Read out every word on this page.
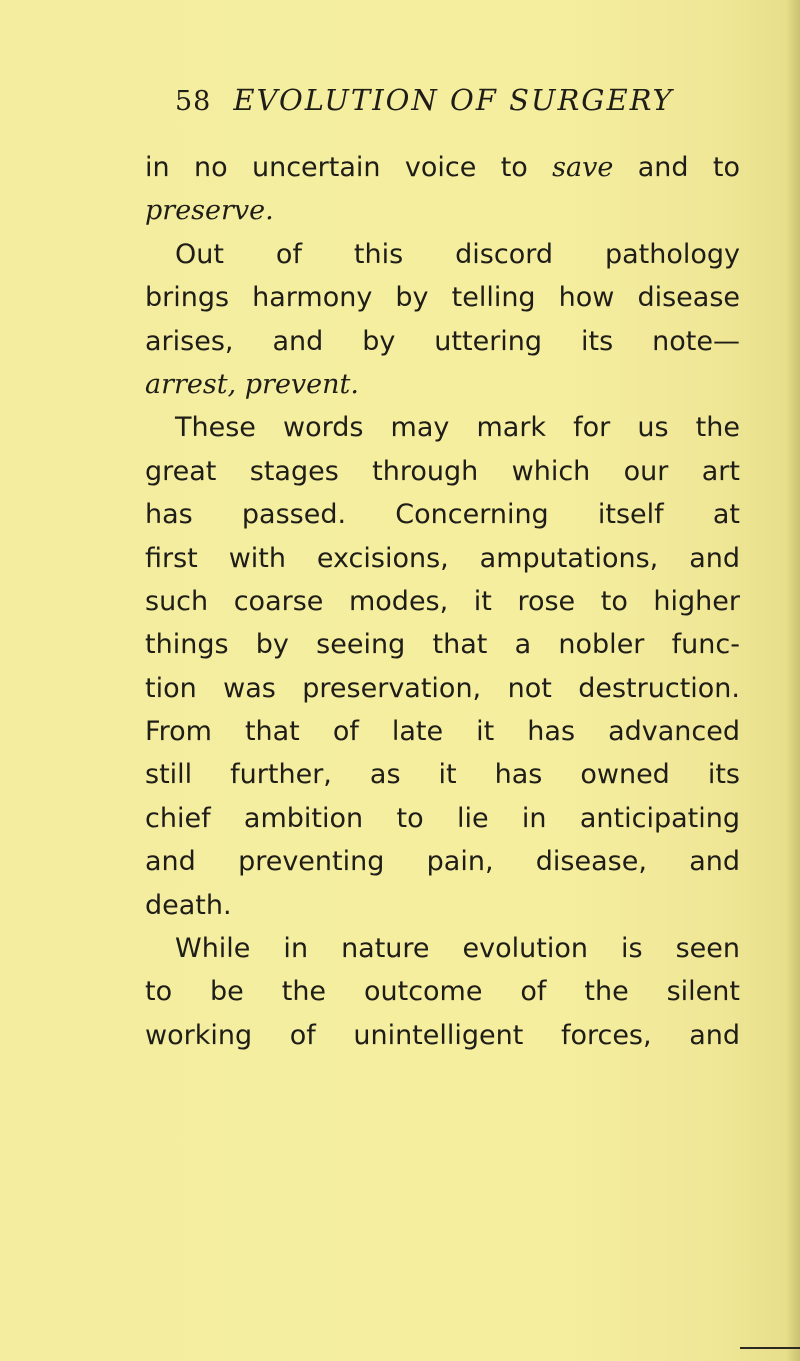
58 EVOLUTION OF SURGERY
in no uncertain voice to save and to
preserve.
Out of this discord pathology
brings harmony by telling how disease
arises, and by uttering its note—
arrest, prevent.
These words may mark for us the
great stages through which our art
has passed. Concerning itself at
first with excisions, amputations, and
such coarse modes, it rose to higher
things by seeing that a nobler func-
tion was preservation, not destruction.
From that of late it has advanced
still further, as it has owned its
chief ambition to lie in anticipating
and preventing pain, disease, and
death.
While in nature evolution is seen
to be the outcome of the silent
working of unintelligent forces, and
